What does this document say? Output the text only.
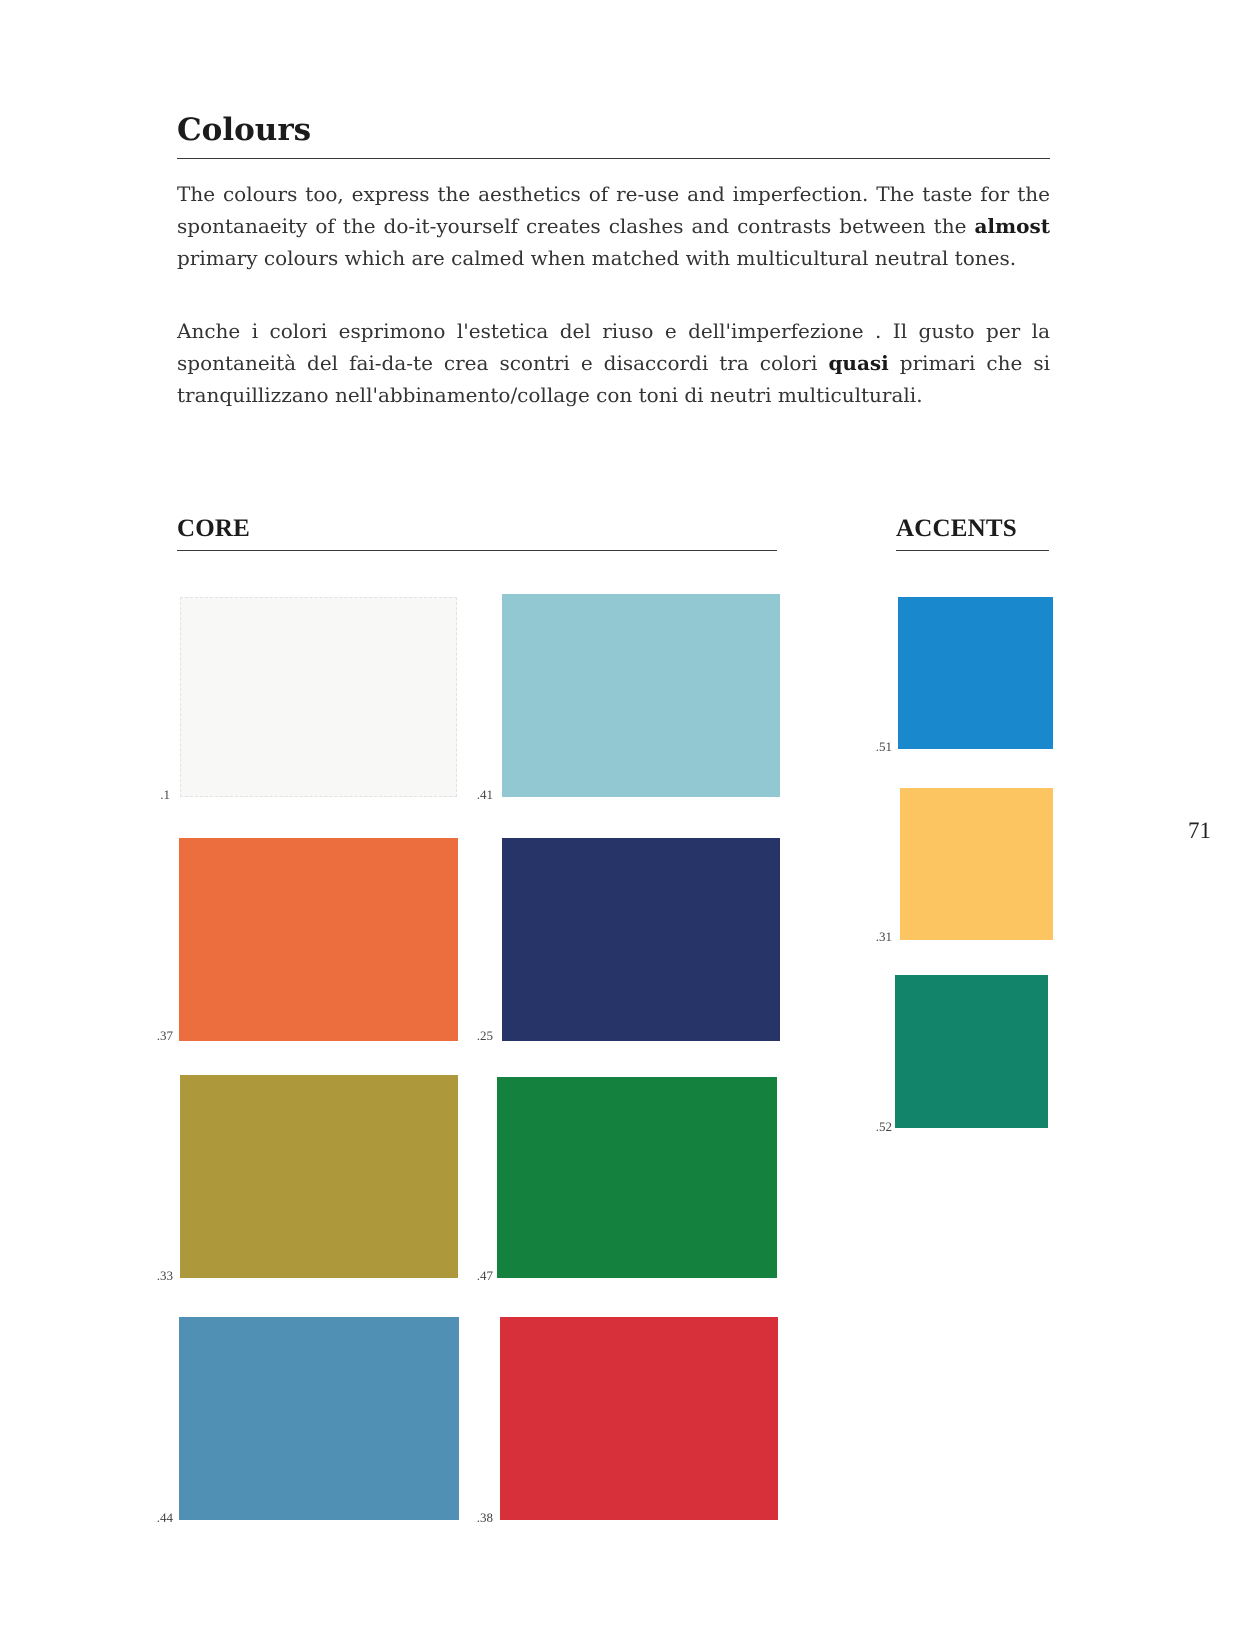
Colours

The colours too, express the aesthetics of re-use and imperfection. The taste for the spontanaeity of the do-it-yourself creates clashes and contrasts between the almost primary colours which are calmed when matched with multicultural neutral tones.

Anche i colori esprimono l'estetica del riuso e dell'imperfezione . Il gusto per la spontaneità del fai-da-te crea scontri e disaccordi tra colori quasi primari che si tranquillizzano nell'abbinamento/collage con toni di neutri multiculturali.

CORE	ACCENTS
.1	.41
.37	.25
.33	.47
.44	.38
.51
.31
.52
71
